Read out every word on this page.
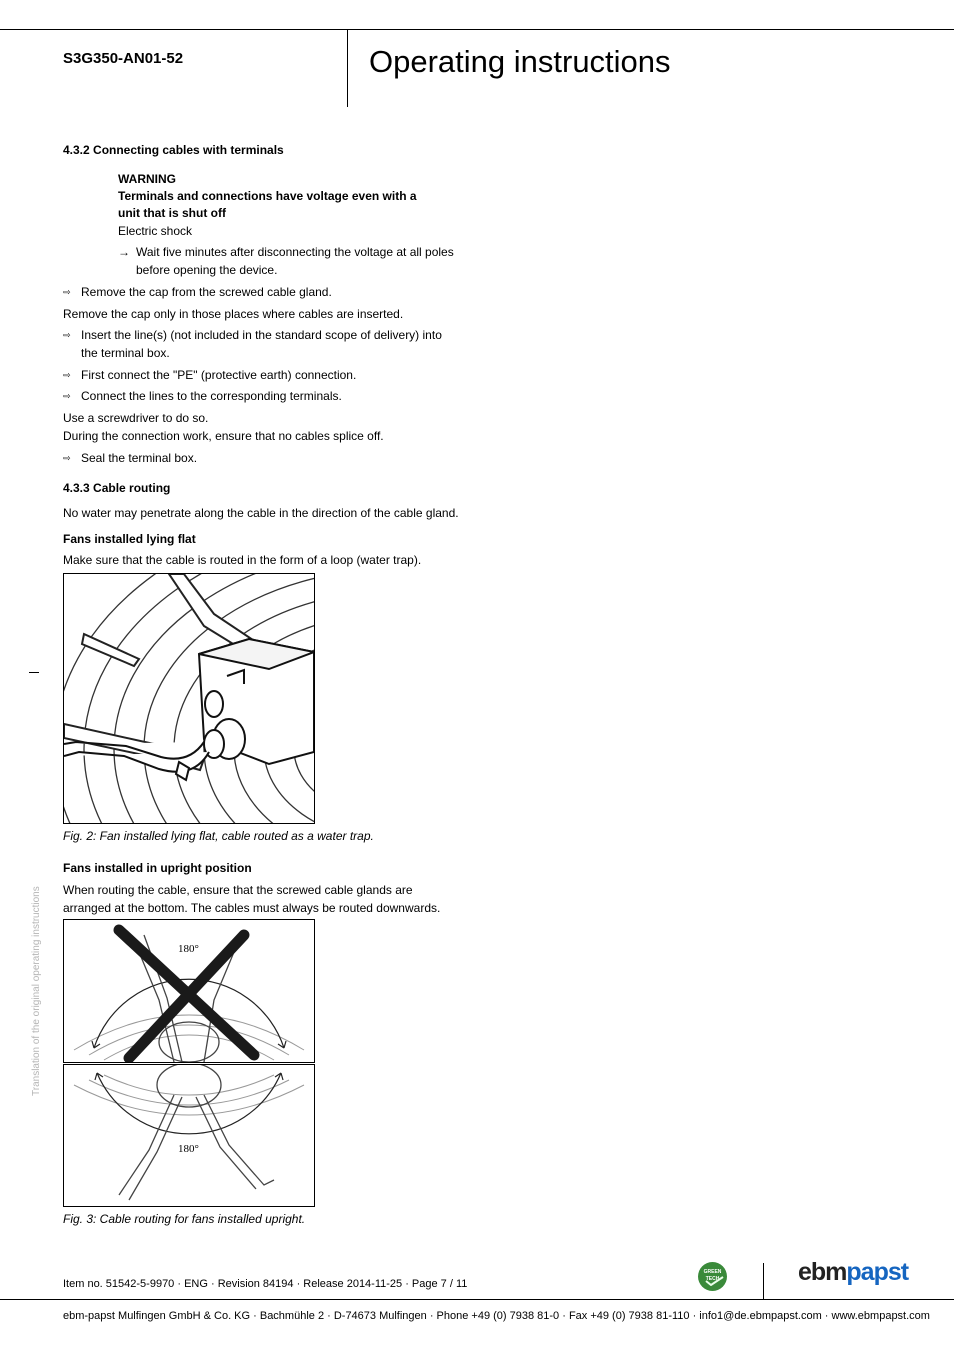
S3G350-AN01-52	Operating instructions
4.3.2 Connecting cables with terminals
WARNING
Terminals and connections have voltage even with a
unit that is shut off
Electric shock
→ Wait five minutes after disconnecting the voltage at all poles
before opening the device.
⇨ Remove the cap from the screwed cable gland.
Remove the cap only in those places where cables are inserted.
⇨ Insert the line(s) (not included in the standard scope of delivery) into
the terminal box.
⇨ First connect the "PE" (protective earth) connection.
⇨ Connect the lines to the corresponding terminals.
Use a screwdriver to do so.
During the connection work, ensure that no cables splice off.
⇨ Seal the terminal box.
4.3.3 Cable routing
No water may penetrate along the cable in the direction of the cable gland.
Fans installed lying flat
Make sure that the cable is routed in the form of a loop (water trap).
Fig. 2: Fan installed lying flat, cable routed as a water trap.
Fans installed in upright position
When routing the cable, ensure that the screwed cable glands are
arranged at the bottom. The cables must always be routed downwards.
180°
180°
Fig. 3: Cable routing for fans installed upright.
Translation of the original operating instructions
Item no. 51542-5-9970 · ENG · Revision 84194 · Release 2014-11-25 · Page 7 / 11
GREEN
TECH	ebmpapst
ebm-papst Mulfingen GmbH & Co. KG · Bachmühle 2 · D-74673 Mulfingen · Phone +49 (0) 7938 81-0 · Fax +49 (0) 7938 81-110 · info1@de.ebmpapst.com · www.ebmpapst.com
